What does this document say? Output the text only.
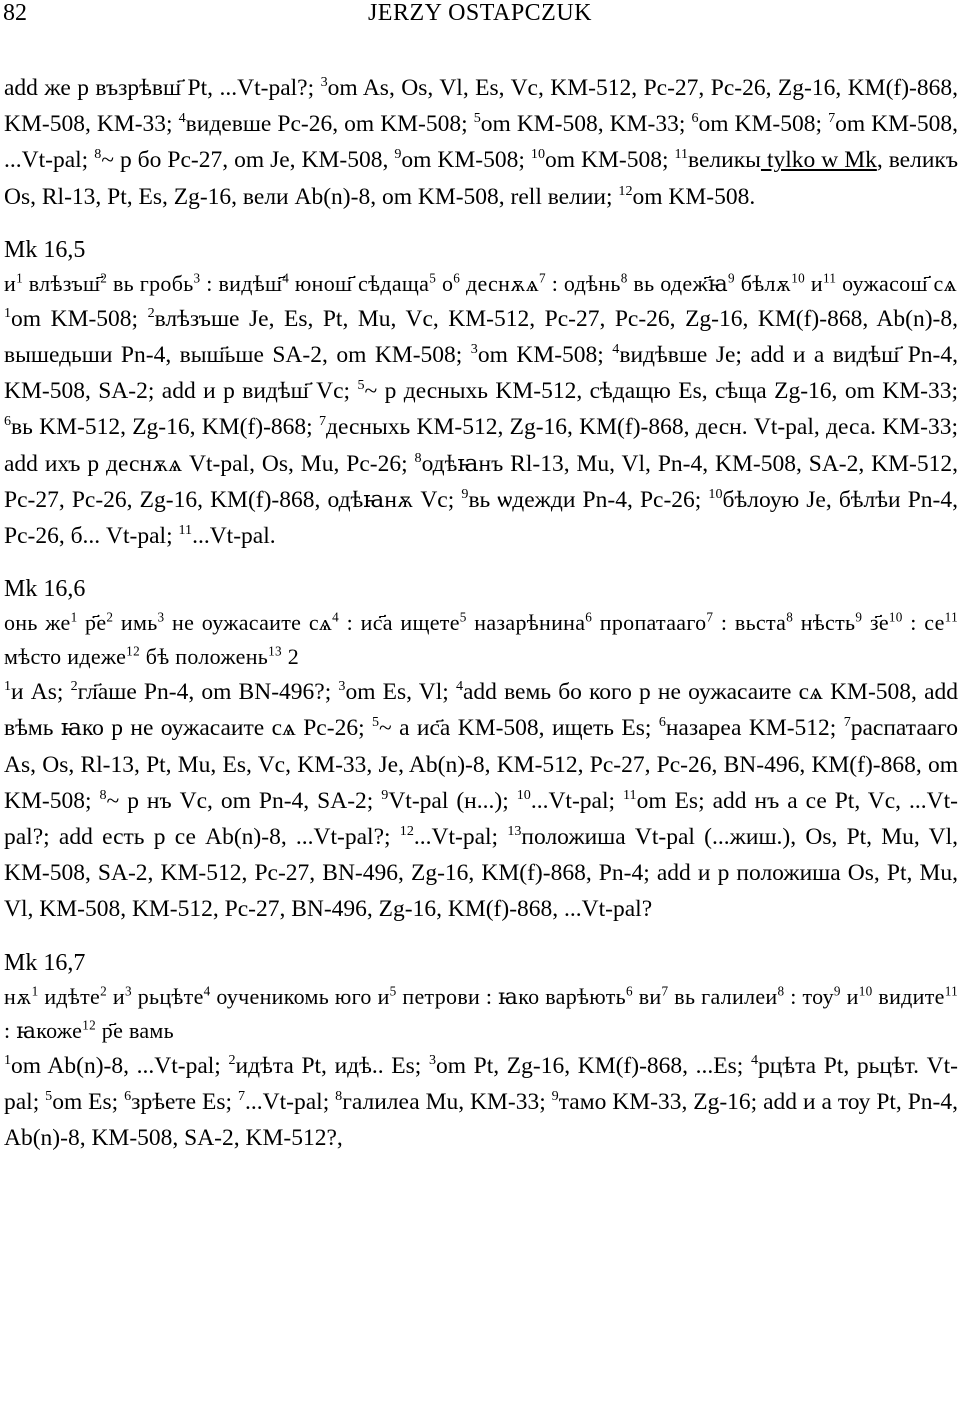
82	JERZY OSTAPCZUK

add же р възрѣвш҃ Pt, ...Vt-pal?; $^3$om As, Os, Vl, Es, Vc, KM-512, Pc-27, Pc-26, Zg-16, KM(f)-868, KM-508, KM-33; $^4$видевше Pc-26, om KM-508; $^5$om KM-508, KM-33; $^6$om KM-508; $^7$om KM-508, ...Vt-pal; $^8$~ р бо Pc-27, om Je, KM-508, $^9$om KM-508; $^{10}$om KM-508; $^{11}$великы tylko w Mk, великъ Os, Rl-13, Pt, Es, Zg-16, вели Ab(n)-8, om KM-508, rell велии; $^{12}$om KM-508.

Mk 16,5

$и^1$ влѣзъш҃$^2$ вь гробь$^3$ : видѣш҃$^4$ юнош҃ сѣдаща$^5$ $о^6$ деснѫѧ$^7$ : одѣнь$^8$ вь одеж҃ꙗ$^9$ бѣлѫ$^{10}$ $и^{11}$ оужасош҃ сѧ

$^1$om KM-508; $^2$влѣзъше Je, Es, Pt, Mu, Vc, KM-512, Pc-27, Pc-26, Zg-16, KM(f)-868, Ab(n)-8, вышедьши Pn-4, выш҃ьше SA-2, om KM-508; $^3$om KM-508; $^4$видѣвше Je; add и а видѣш҃ Pn-4, KM-508, SA-2; add и р видѣш҃ Vc; $^5$~ р десныхь KM-512, сѣдащю Es, сѣща Zg-16, om KM-33; $^6$вь KM-512, Zg-16, KM(f)-868; $^7$десныхь KM-512, Zg-16, KM(f)-868, десн. Vt-pal, деса. KM-33; add ихъ р деснѫѧ Vt-pal, Os, Mu, Pc-26; $^8$одѣꙗнъ Rl-13, Mu, Vl, Pn-4, KM-508, SA-2, KM-512, Pc-27, Pc-26, Zg-16, KM(f)-868, одѣꙗнѫ Vc; $^9$вь ѡдежди Pn-4, Pc-26; $^{10}$бѣлоую Je, бѣлѣи Pn-4, Pc-26, б... Vt-pal; $^{11}$...Vt-pal.

Mk 16,6

онь $же^1$ $р҃е^2$ имь$^3$ не оужасаите $сѧ^4$ : ис҃а ищете$^5$ назарѣнина$^6$ пропатааго$^7$ : вьста$^8$ нѣсть$^9$ $з҃е^{10}$ : $се^{11}$ мѣсто идеже$^{12}$ бѣ положень$^{13}$ 2

$^1$и As; $^2$гл҃аше Pn-4, om BN-496?; $^3$om Es, Vl; $^4$add вемь бо кого р не оужасаите сѧ KM-508, add вѣмь ꙗко р не оужасаите сѧ Pc-26; $^5$~ а ис҃а KM-508, ищеть Es; $^6$назареа KM-512; $^7$распатааго As, Os, Rl-13, Pt, Mu, Es, Vc, KM-33, Je, Ab(n)-8, KM-512, Pc-27, Pc-26, BN-496, KM(f)-868, om KM-508; $^8$~ р нъ Vc, om Pn-4, SA-2; $^9$Vt-pal (н...); $^{10}$...Vt-pal; $^{11}$om Es; add нъ а се Pt, Vc, ...Vt-pal?; add есть р се Ab(n)-8, ...Vt-pal?; $^{12}$...Vt-pal; $^{13}$положиша Vt-pal (...жиш.), Os, Pt, Mu, Vl, KM-508, SA-2, KM-512, Pc-27, BN-496, Zg-16, KM(f)-868, Pn-4; add и р положиша Os, Pt, Mu, Vl, KM-508, KM-512, Pc-27, BN-496, Zg-16, KM(f)-868, ...Vt-pal?

Mk 16,7

$нѫ^1$ идѣте$^2$ $и^3$ рьцѣте$^4$ оученикомь юго $и^5$ петрови : ꙗко варѣють$^6$ $ви^7$ вь галилеи$^8$ : тоу$^9$ $и^{10}$ видите$^{11}$ : ꙗкоже$^{12}$ р҃е вамь

$^1$om Ab(n)-8, ...Vt-pal; $^2$идѣта Pt, идѣ.. Es; $^3$om Pt, Zg-16, KM(f)-868, ...Es; $^4$рцѣта Pt, рьцѣт. Vt-pal; $^5$om Es; $^6$зрѣете Es; $^7$...Vt-pal; $^8$галилеа Mu, KM-33; $^9$тамо KM-33, Zg-16; add и а тоу Pt, Pn-4, Ab(n)-8, KM-508, SA-2, KM-512?,
